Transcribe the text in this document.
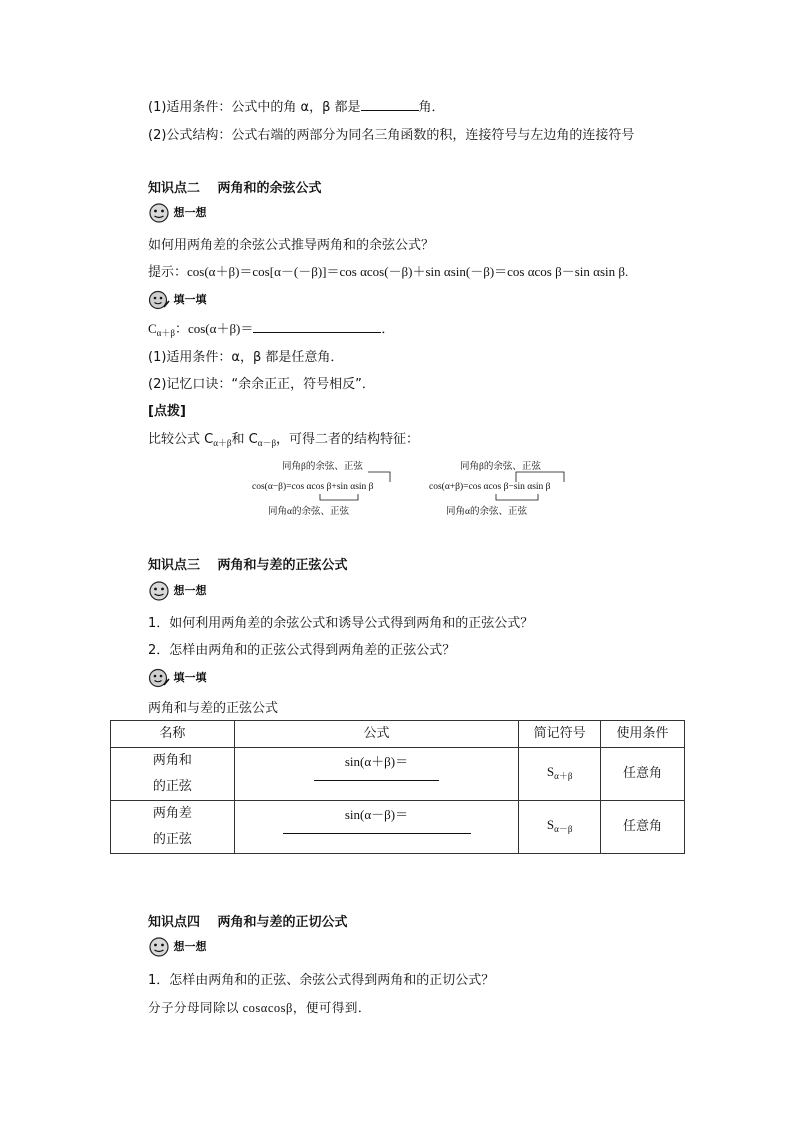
(1)适用条件：公式中的角 α，β 都是	角．
(2)公式结构：公式右端的两部分为同名三角函数的积，连接符号与左边角的连接符号
知识点二　 两角和的余弦公式
想一想
如何用两角差的余弦公式推导两角和的余弦公式？
提示：cos(α＋β)＝cos[α－(－β)]＝cos αcos(－β)＋sin αsin(－β)＝cos αcos β－sin αsin β.
填一填
$C_{\alpha+\beta}$：cos(α＋β)＝	．
(1)适用条件：α，β 都是任意角．
(2)记忆口诀：“余余正正，符号相反”．
[点拨]
比较公式 $C_{\alpha+\beta}$和 $C_{\alpha-\beta}$，可得二者的结构特征：
同角β的余弦、正弦
cos(α−β)=cos αcos β+sin αsin β
同角α的余弦、正弦
同角β的余弦、正弦
cos(α+β)=cos αcos β−sin αsin β
同角α的余弦、正弦
知识点三　 两角和与差的正弦公式
想一想
1．如何利用两角差的余弦公式和诱导公式得到两角和的正弦公式？
2．怎样由两角和的正弦公式得到两角差的正弦公式？
填一填
两角和与差的正弦公式
名称	公式	简记符号	使用条件

两角和
的正弦	sin(α＋β)＝	$S_{\alpha+\beta}$	任意角

两角差
的正弦	sin(α－β)＝	$S_{\alpha-\beta}$	任意角
知识点四　 两角和与差的正切公式
想一想
1．怎样由两角和的正弦、余弦公式得到两角和的正切公式？
分子分母同除以 cosαcosβ，便可得到．
